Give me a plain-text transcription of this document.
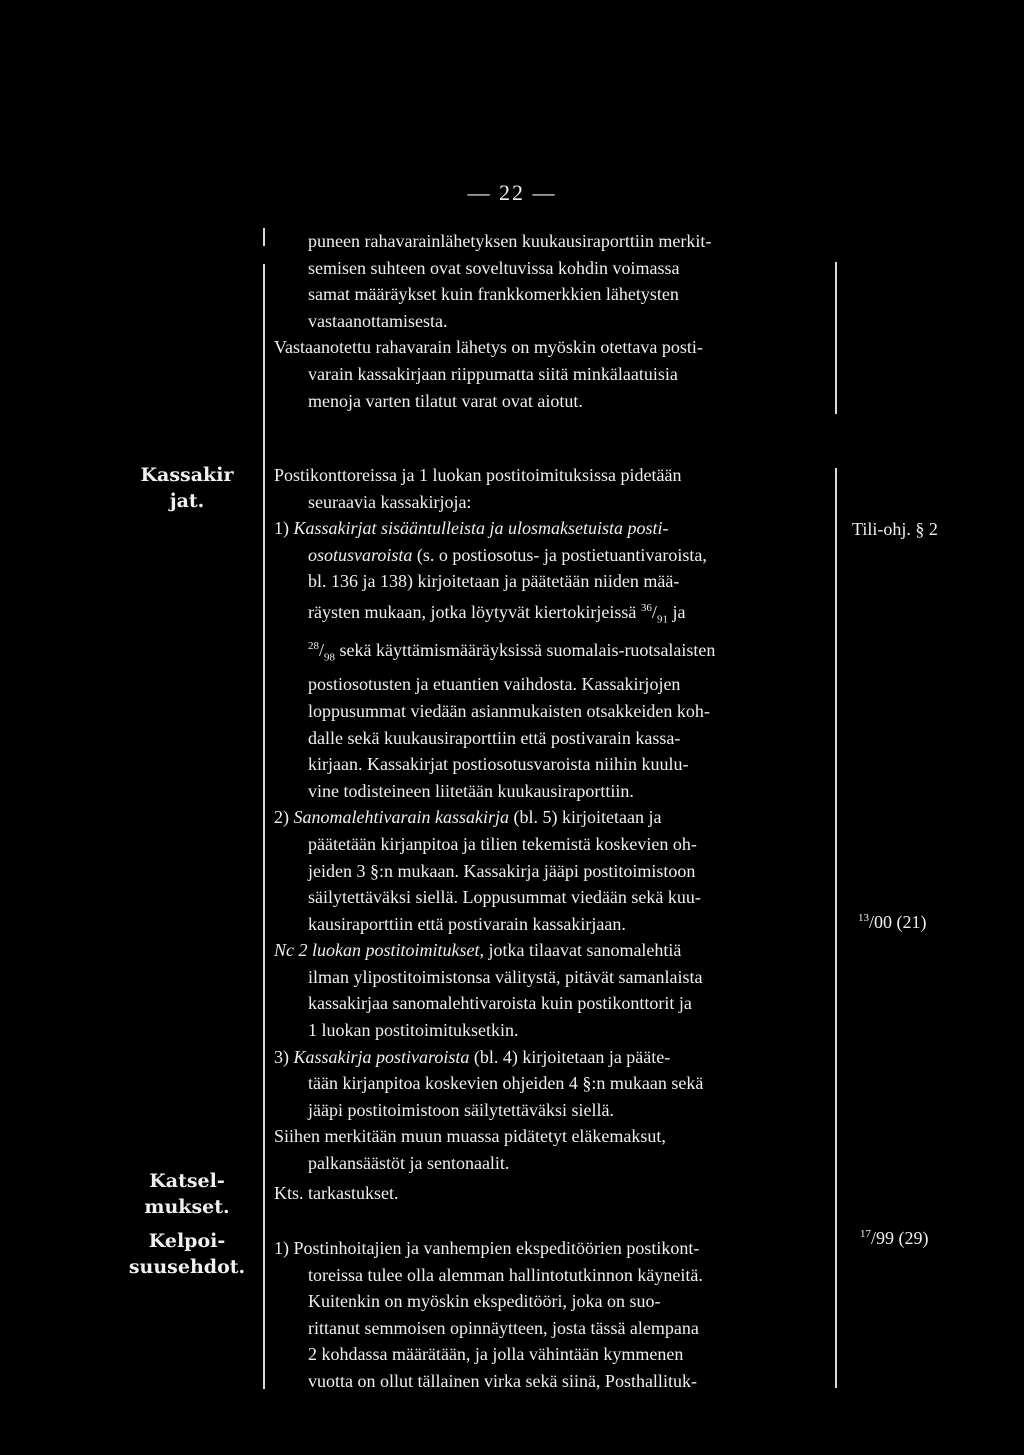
— 22 —
puneen rahavarainlähetyksen kuukausiraporttiin merkit-
semisen suhteen ovat soveltuvissa kohdin voimassa
samat määräykset kuin frankkomerkkien lähetysten
vastaanottamisesta.
Vastaanotettu rahavarain lähetys on myöskin otettava posti-
varain kassakirjaan riippumatta siitä minkälaatuisia
menoja varten tilatut varat ovat aiotut.
Kassakir
jat.
Katsel-
mukset.
Kelpoi-
suusehdot.
Tili-ohj. § 2
$^{13}$/00 (21)
$^{17}$/99 (29)
Postikonttoreissa ja 1 luokan postitoimituksissa pidetään
seuraavia kassakirjoja:
1) Kassakirjat sisääntulleista ja ulosmaksetuista posti-
osotusvaroista (s. o postiosotus- ja postietuantivaroista,
bl. 136 ja 138) kirjoitetaan ja päätetään niiden mää-
räysten mukaan, jotka löytyvät kiertokirjeissä $^{36}/_{91}$ ja
$^{28}/_{98}$ sekä käyttämismääräyksissä suomalais-ruotsalaisten
postiosotusten ja etuantien vaihdosta. Kassakirjojen
loppusummat viedään asianmukaisten otsakkeiden koh-
dalle sekä kuukausiraporttiin että postivarain kassa-
kirjaan. Kassakirjat postiosotusvaroista niihin kuulu-
vine todisteineen liitetään kuukausiraporttiin.
2) Sanomalehtivarain kassakirja (bl. 5) kirjoitetaan ja
päätetään kirjanpitoa ja tilien tekemistä koskevien oh-
jeiden 3 §:n mukaan. Kassakirja jääpi postitoimistoon
säilytettäväksi siellä. Loppusummat viedään sekä kuu-
kausiraporttiin että postivarain kassakirjaan.
Nc 2 luokan postitoimitukset, jotka tilaavat sanomalehtiä
ilman ylipostitoimistonsa välitystä, pitävät samanlaista
kassakirjaa sanomalehtivaroista kuin postikonttorit ja
1 luokan postitoimituksetkin.
3) Kassakirja postivaroista (bl. 4) kirjoitetaan ja pääte-
tään kirjanpitoa koskevien ohjeiden 4 §:n mukaan sekä
jääpi postitoimistoon säilytettäväksi siellä.
Siihen merkitään muun muassa pidätetyt eläkemaksut,
palkansäästöt ja sentonaalit.
Kts. tarkastukset.
1) Postinhoitajien ja vanhempien ekspeditöörien postikont-
toreissa tulee olla alemman hallintotutkinnon käyneitä.
Kuitenkin on myöskin ekspeditööri, joka on suo-
rittanut semmoisen opinnäytteen, josta tässä alempana
2 kohdassa määrätään, ja jolla vähintään kymmenen
vuotta on ollut tällainen virka sekä siinä, Posthallituk-
